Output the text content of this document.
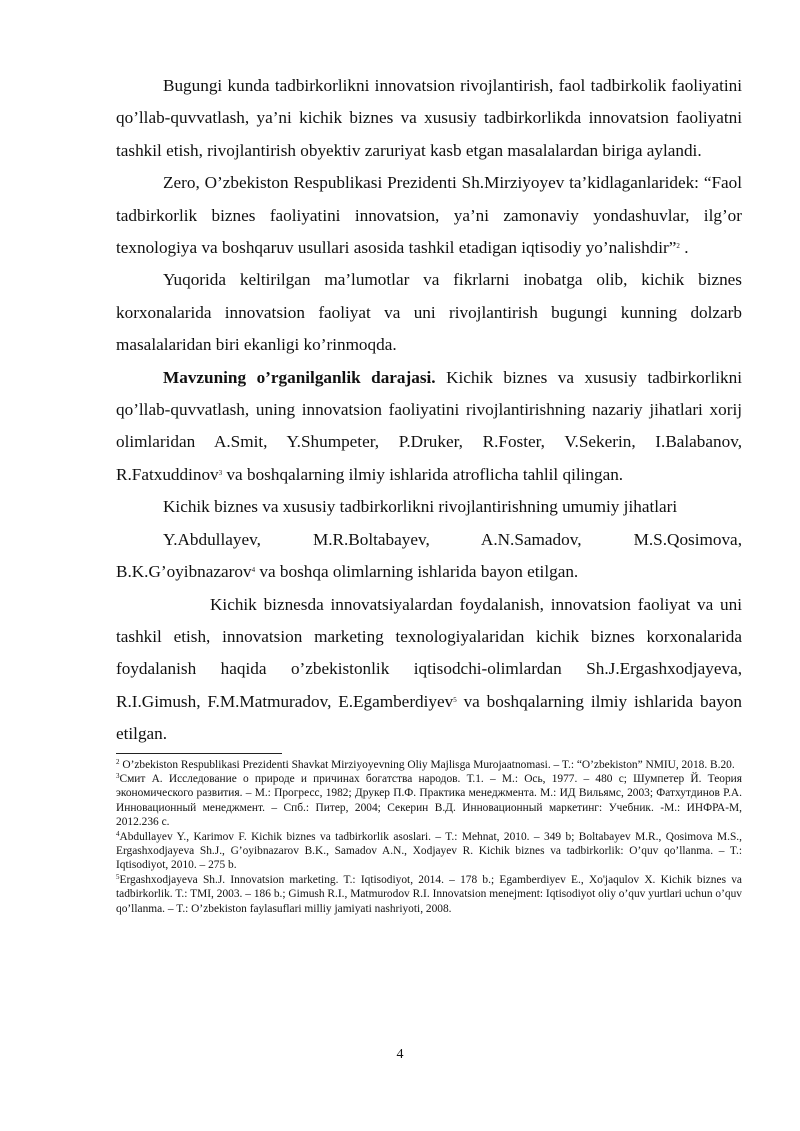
Bugungi kunda tadbirkorlikni innovatsion rivojlantirish, faol tadbirkolik faoliyatini qo’llab-quvvatlash, ya’ni kichik biznes va xususiy tadbirkorlikda innovatsion faoliyatni tashkil etish, rivojlantirish obyektiv zaruriyat kasb etgan masalalardan biriga aylandi.

Zero, O’zbekiston Respublikasi Prezidenti Sh.Mirziyoyev ta’kidlaganlaridek: “Faol tadbirkorlik biznes faoliyatini innovatsion, ya’ni zamonaviy yondashuvlar, ilg’or texnologiya va boshqaruv usullari asosida tashkil etadigan iqtisodiy yo’nalishdir”$^2$ .

Yuqorida keltirilgan ma’lumotlar va fikrlarni inobatga olib, kichik biznes korxonalarida innovatsion faoliyat va uni rivojlantirish bugungi kunning dolzarb masalalaridan biri ekanligi ko’rinmoqda.

Mavzuning o’rganilganlik darajasi. Kichik biznes va xususiy tadbirkorlikni qo’llab-quvvatlash, uning innovatsion faoliyatini rivojlantirishning nazariy jihatlari xorij olimlaridan A.Smit, Y.Shumpeter, P.Druker, R.Foster, V.Sekerin, I.Balabanov, R.Fatxuddinov$^3$ va boshqalarning ilmiy ishlarida atroflicha tahlil qilingan.

Kichik biznes va xususiy tadbirkorlikni rivojlantirishning umumiy jihatlari

Y.Abdullayev, M.R.Boltabayev, A.N.Samadov, M.S.Qosimova,

B.K.G’oyibnazarov$^4$ va boshqa olimlarning ishlarida bayon etilgan.

Kichik biznesda innovatsiyalardan foydalanish, innovatsion faoliyat va uni tashkil etish, innovatsion marketing texnologiyalaridan kichik biznes korxonalarida foydalanish haqida o’zbekistonlik iqtisodchi-olimlardan Sh.J.Ergashxodjayeva, R.I.Gimush, F.M.Matmuradov, E.Egamberdiyev$^5$ va boshqalarning ilmiy ishlarida bayon etilgan.

$^2$ O’zbekiston Respublikasi Prezidenti Shavkat Mirziyoyevning Oliy Majlisga Murojaatnomasi. – T.: “O’zbekiston” NMIU, 2018. B.20.

$^3$Смит А. Исследование о природе и причинах богатства народов. Т.1. – М.: Ось, 1977. – 480 с; Шумпетер Й. Теория экономического развития. – М.: Прогресс, 1982; Друкер П.Ф. Практика менеджмента. М.: ИД Вильямс, 2003; Фатхутдинов Р.А. Инновационный менеджмент. – Спб.: Питер, 2004; Секерин В.Д. Инновационный маркетинг: Учебник. -М.: ИНФРА-М, 2012.236 с.

$^4$Abdullayev Y., Karimov F. Kichik biznes va tadbirkorlik asoslari. – T.: Mehnat, 2010. – 349 b; Boltabayev M.R., Qosimova M.S., Ergashxodjayeva Sh.J., G’oyibnazarov B.K., Samadov A.N., Xodjayev R. Kichik biznes va tadbirkorlik: O’quv qo’llanma. – T.: Iqtisodiyot, 2010. – 275 b.

$^5$Ergashxodjayeva Sh.J. Innovatsion marketing. T.: Iqtisodiyot, 2014. – 178 b.; Egamberdiyev E., Xo'jaqulov X. Kichik biznes va tadbirkorlik. T.: TMI, 2003. – 186 b.; Gimush R.I., Matmurodov R.I. Innovatsion menejment: Iqtisodiyot oliy o’quv yurtlari uchun o’quv qo’llanma. – T.: O’zbekiston faylasuflari milliy jamiyati nashriyoti, 2008.

4
